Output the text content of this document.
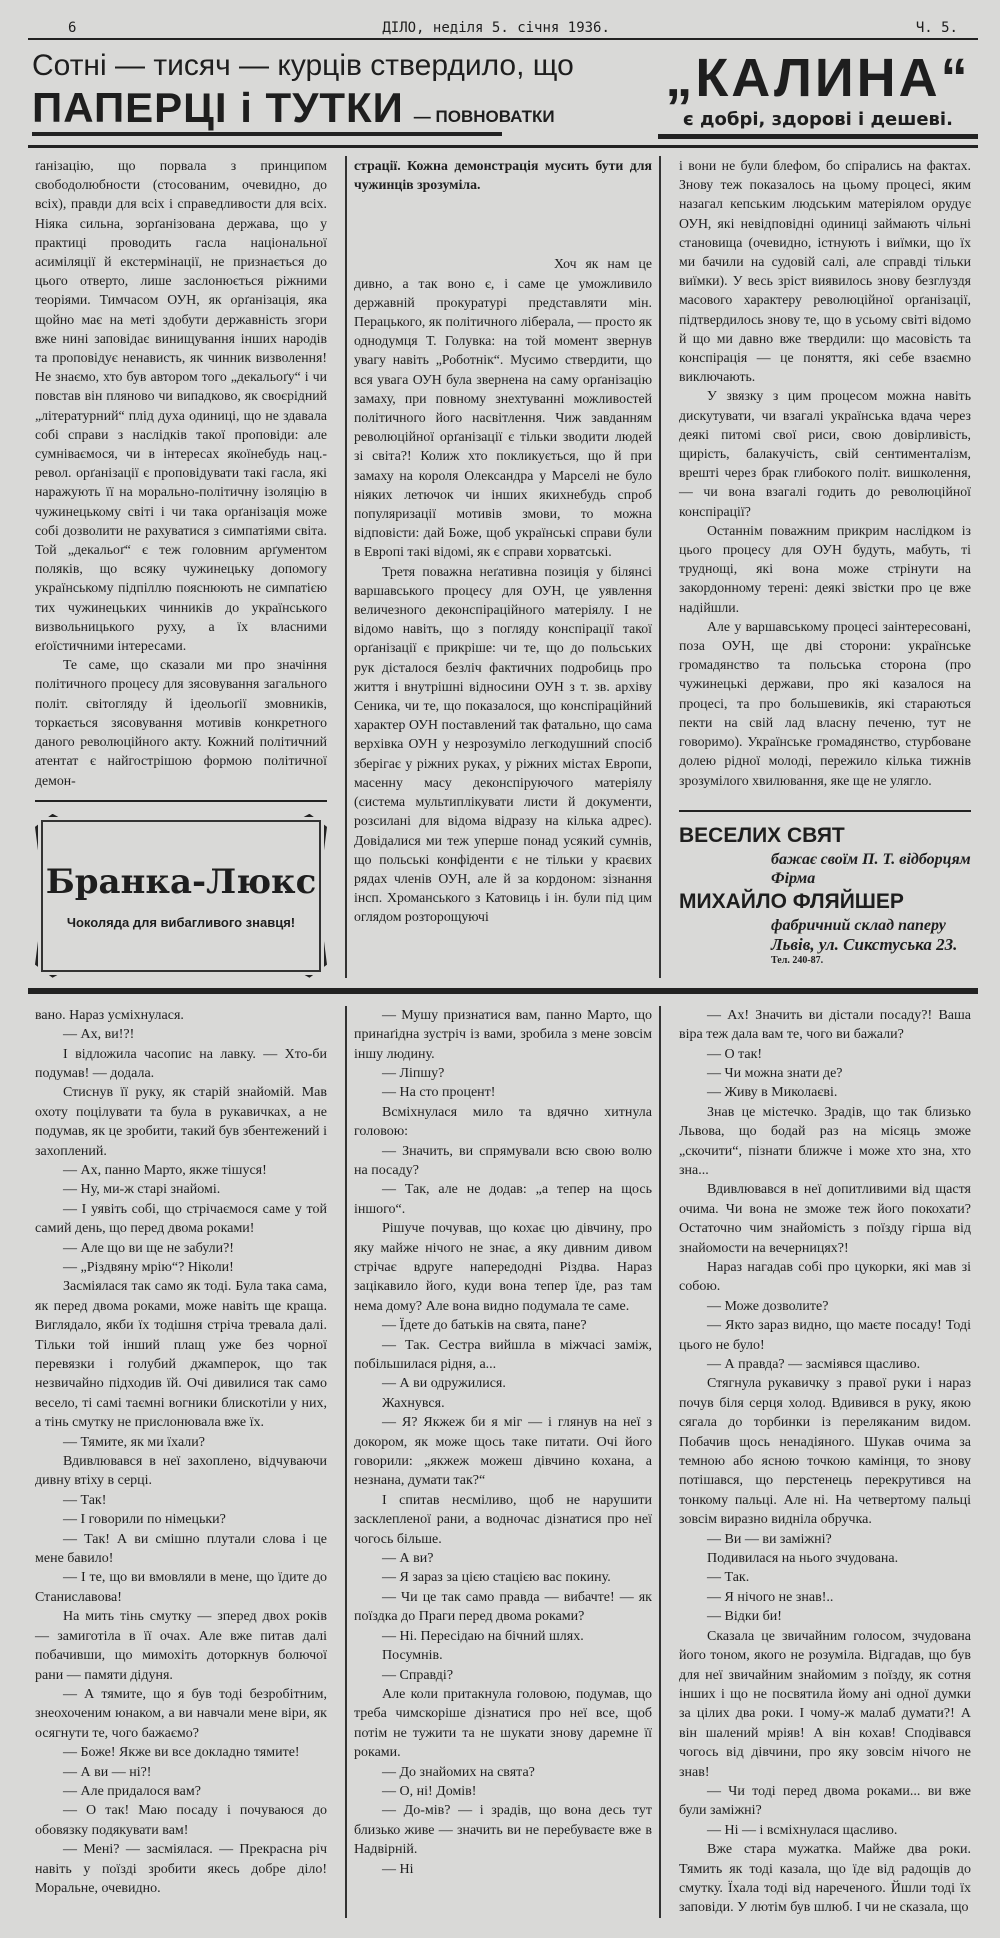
6	ДІЛО, неділя 5. січня 1936.	Ч. 5.
Сотні — тисяч — курців ствердило, що
ПАПЕРЦІ і ТУТКИ — ПОВНОВАТКИ
„КАЛИНА“
є добрі, здорові і дешеві.

ґанізацію, що порвала з принципом свободолюбности (стосованим, очевидно, до всіх), правди для всіх і справедливости для всіх. Ніяка сильна, зорґанізована держава, що у практиці проводить гасла національної асиміляції й екстермінації, не признається до цього отверто, лише заслонюється ріжними теоріями. Тимчасом ОУН, як орґанізація, яка щойно має на меті здобути державність згори вже нині заповідає винищування інших народів та проповідує ненависть, як чинник визволення! Не знаємо, хто був автором того „декальоґу“ і чи повстав він пляново чи випадково, як своєрідний „літературний“ плід духа одиниці, що не здавала собі справи з наслідків такої проповіди: але сумніваємося, чи в інтересах якоїнебудь нац.-револ. орґанізації є проповідувати такі гасла, які наражують її на морально-політичну ізоляцію в чужинецькому світі і чи така орґанізація може собі дозволити не рахуватися з симпатіями світа. Той „декальоґ“ є теж головним арґументом поляків, що всяку чужинецьку допомогу українському підпіллю пояснюють не симпатією тих чужинецьких чинників до українського визвольницького руху, а їх власними еґоїстичними інтересами.

Те саме, що сказали ми про значіння політичного процесу для зясовування загального політ. світогляду й ідеольоґії змовників, торкається зясовування мотивів конкретного даного революційного акту. Кожний політичний атентат є найгострішою формою політичної демон-

Бранка-Люкс
Чоколяда для вибагливого знавця!

страції. Кожна демонстрація мусить бути для чужинців зрозуміла.

Хоч як нам це дивно, а так воно є, і саме це уможливило державній прокуратурі представляти мін. Перацького, як політичного лібералa, — просто як однодумця Т. Голувка: на той момент звернув увагу навіть „Роботнік“. Мусимо ствердити, що вся увага ОУН була звернена на саму орґанізацію замаху, при повному знехтуванні можливостей політичного його насвітлення. Чиж завданням революційної орґанізації є тільки зводити людей зі світа?! Колиж хто покликується, що й при замаху на короля Олександра у Марселі не було ніяких летючок чи інших якихнебудь спроб популяризації мотивів змови, то можна відповісти: дай Боже, щоб українські справи були в Европі такі відомі, як є справи хорватські.

Третя поважна неґативна позиція у білянсі варшавського процесу для ОУН, це уявлення величезного деконспіраційного матеріялу. І не відомо навіть, що з погляду конспірації такої орґанізації є прикріше: чи те, що до польських рук дісталося безліч фактичних подробиць про життя і внутрішні відносини ОУН з т. зв. архіву Сеника, чи те, що показалося, що конспіраційний характер ОУН поставлений так фатально, що сама верхівка ОУН у незрозуміло легкодушний спосіб зберігає у ріжних руках, у ріжних містах Европи, масенну масу деконспіруючого матеріялу (система мультиплікувати листи й документи, розсилані для відома відразу на кілька адрес). Довідалися ми теж уперше понад усякий сумнів, що польські конфіденти є не тільки у краєвих рядах членів ОУН, але й за кордоном: зізнання інсп. Хроманського з Катовиць і ін. були під цим оглядом розторощуючі

і вони не були блефом, бо спірались на фактах. Знову теж показалось на цьому процесі, яким назагал кепським людським матеріялом орудує ОУН, які невідповідні одиниці займають чільні становища (очевидно, істнують і виїмки, що їх ми бачили на судовій салі, але справді тільки виїмки). У весь зріст виявилось знову безглуздя масового характеру революційної орґанізації, підтвердилось знову те, що в усьому світі відомо й що ми давно вже твердили: що масовість та конспірація — це поняття, які себе взаємно виключають.

У звязку з цим процесом можна навіть дискутувати, чи взагалі українська вдача через деякі питомі свої риси, свою довірливість, щирість, балакучість, свій сентименталізм, врешті через брак глибокого політ. вишколення, — чи вона взагалі годить до революційної конспірації?

Останнім поважним прикрим наслідком із цього процесу для ОУН будуть, мабуть, ті труднощі, які вона може стрінути на закордонному терені: деякі звістки про це вже надійшли.

Але у варшавському процесі заінтересовані, поза ОУН, ще дві сторони: українське громадянство та польська сторона (про чужинецькі держави, про які казалося на процесі, та про большевиків, які стараються пекти на свій лад власну печеню, тут не говоримо). Українське громадянство, стурбоване долею рідної молоді, пережило кілька тижнів зрозумілого хвилювання, яке ще не улягло.

ВЕСЕЛИХ СВЯТ
бажає своїм П. Т. відборцям
Фірма
МИХАЙЛО ФЛЯЙШЕР
фабричний склад паперу
Львів, ул. Сикстуська 23.
Тел. 240-87.

вано. Нараз усміхнулася.

— Ах, ви!?!

І відложила часопис на лавку. — Хто-би подумав! — додала.

Стиснув її руку, як старій знайомій. Мав охоту поцілувати та була в рукавичках, а не подумав, як це зробити, такий був збентежений і захоплений.

— Ах, панно Марто, якже тішуся!

— Ну, ми-ж старі знайомі.

— І уявіть собі, що стрічаємося саме у той самий день, що перед двома роками!

— Але що ви ще не забули?!

— „Різдвяну мрію“? Ніколи!

Засміялася так само як тоді. Була така сама, як перед двома роками, може навіть ще краща. Виглядало, якби їх тодішня стріча тревала далі. Тільки той інший плащ уже без чорної перевязки і голубий джамперок, що так незвичайно підходив їй. Очі дивилися так само весело, ті самі таємні вогники блискотіли у них, а тінь смутку не прислонювала вже їх.

— Тямите, як ми їхали?

Вдивлювався в неї захоплено, відчуваючи дивну втіху в серці.

— Так!

— І говорили по німецьки?

— Так! А ви смішно плутали слова і це мене бавило!

— І те, що ви вмовляли в мене, що їдите до Станиславова!

На мить тінь смутку — зперед двох років — замиготіла в її очах. Але вже питав далі побачивши, що мимохіть доторкнув болючої рани — памяти дідуня.

— А тямите, що я був тоді безробітним, знеохоченим юнаком, а ви навчали мене віри, як осягнути те, чого бажаємо?

— Боже! Якже ви все докладно тямите!

— А ви — ні?!

— Але придалося вам?

— О так! Маю посаду і почуваюся до обовязку подякувати вам!

— Мені? — засміялася. — Прекрасна річ навіть у поїзді зробити якесь добре діло! Моральне, очевидно.

— Мушу признатися вам, панно Марто, що принаґідна зустріч із вами, зробила з мене зовсім іншу людину.

— Ліпшу?

— На сто процент!

Всміхнулася мило та вдячно хитнула головою:

— Значить, ви спрямували всю свою волю на посаду?

— Так, але не додав: „а тепер на щось іншого“.

Рішуче почував, що кохає цю дівчину, про яку майже нічого не знає, а яку дивним дивом стрічає вдруге напередодні Різдва. Нараз зацікавило його, куди вона тепер їде, раз там нема дому? Але вона видно подумала те саме.

— Їдете до батьків на свята, пане?

— Так. Сестра вийшла в міжчасі заміж, побільшилася рідня, а...

— А ви одружилися.

Жахнувся.

— Я? Якжеж би я міг — і глянув на неї з докором, як може щось таке питати. Очі його говорили: „якжеж можеш дівчино кохана, а незнана, думати так?“

І спитав несміливо, щоб не нарушити засклепленої рани, а водночас дізнатися про неї чогось більше.

— А ви?

— Я зараз за цією стацією вас покину.

— Чи це так само правда — вибачте! — як поїздка до Праги перед двома роками?

— Ні. Пересідаю на бічний шлях.

Посумнів.

— Справді?

Але коли притакнула головою, подумав, що треба чимскоріше дізнатися про неї все, щоб потім не тужити та не шукати знову даремне її роками.

— До знайомих на свята?

— О, ні! Домів!

— До-мів? — і зрадів, що вона десь тут близько живе — значить ви не перебуваєте вже в Надвірній.

— Ні

— Ах! Значить ви дістали посаду?! Ваша віра теж дала вам те, чого ви бажали?

— О так!

— Чи можна знати де?

— Живу в Миколаєві.

Знав це містечко. Зрадів, що так близько Львова, що бодай раз на місяць зможе „скочити“, пізнати ближче і може хто зна, хто зна...

Вдивлювався в неї допитливими від щастя очима. Чи вона не зможе теж його покохати? Остаточно чим знайомість з поїзду гірша від знайомости на вечерницях?!

Нараз нагадав собі про цукорки, які мав зі собою.

— Може дозволите?

— Якто зараз видно, що маєте посаду! Тоді цього не було!

— А правда? — засміявся щасливо.

Стягнула рукавичку з правої руки і нараз почув біля серця холод. Вдивився в руку, якою сягала до торбинки із переляканим видом. Побачив щось ненадіяного. Шукав очима за темною або ясною точкою камінця, то знову потішався, що перстенець перекрутився на тонкому пальці. Але ні. На четвертому пальці зовсім виразно виднілa обручка.

— Ви — ви заміжні?

Подивилася на нього зчудована.

— Так.

— Я нічого не знав!..

— Відки би!

Сказала це звичайним голосом, зчудована його тоном, якого не розуміла. Відгадав, що був для неї звичайним знайомим з поїзду, як сотня інших і що не посвятила йому ані одної думки за цілих два роки. І чому-ж малаб думати?! А він шалений мріяв! А він кохав! Сподівався чогось від дівчини, про яку зовсім нічого не знав!

— Чи тоді перед двома роками... ви вже були заміжні?

— Ні — і всміхнулася щасливо.

Вже стара мужатка. Майже два роки. Тямить як тоді казала, що їде від радощів до смутку. Їхала тоді від нареченого. Йшли тоді їх заповіди. У лютім був шлюб. І чи не сказала, що
